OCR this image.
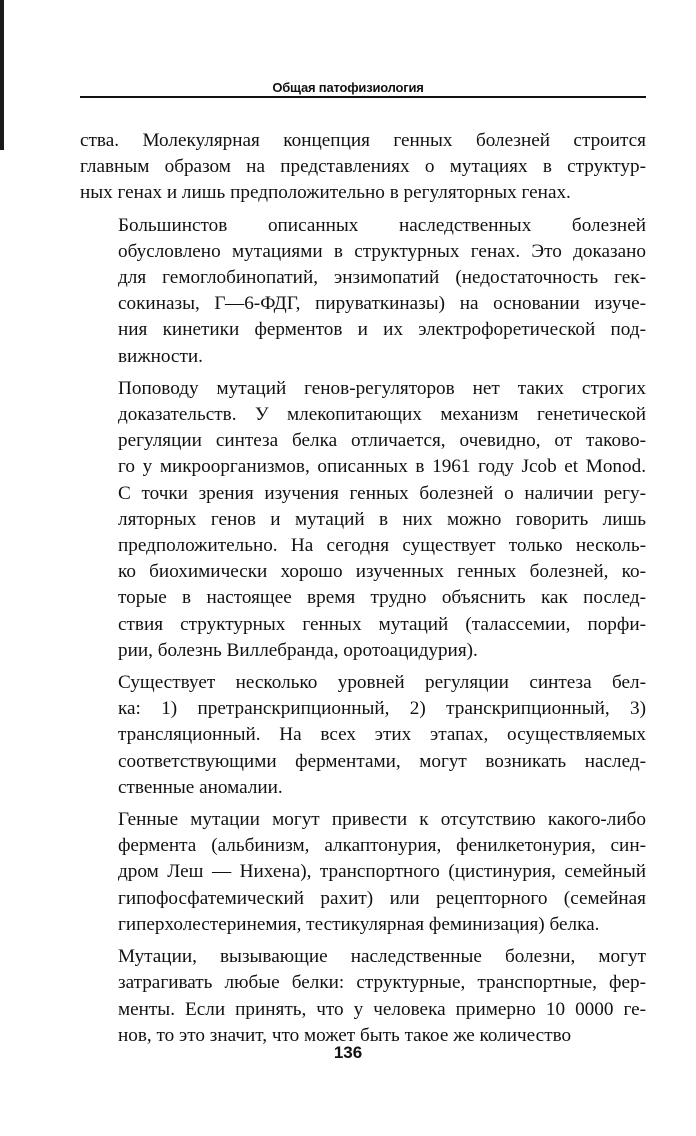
Общая патофизиология

ства. Молекулярная концепция генных болезней строится
главным образом на представлениях о мутациях в структур-
ных генах и лишь предположительно в регуляторных генах.

Большинстов описанных наследственных болезней
обусловлено мутациями в структурных генах. Это доказано
для гемоглобинопатий, энзимопатий (недостаточность гек-
сокиназы, Г—6-ФДГ, пируваткиназы) на основании изуче-
ния кинетики ферментов и их электрофоретической под-
вижности.

Поповоду мутаций генов-регуляторов нет таких строгих
доказательств. У млекопитающих механизм генетической
регуляции синтеза белка отличается, очевидно, от таково-
го у микроорганизмов, описанных в 1961 году Jcob et Monod.
С точки зрения изучения генных болезней о наличии регу-
ляторных генов и мутаций в них можно говорить лишь
предположительно. На сегодня существует только несколь-
ко биохимически хорошо изученных генных болезней, ко-
торые в настоящее время трудно объяснить как послед-
ствия структурных генных мутаций (талассемии, порфи-
рии, болезнь Виллебранда, оротоацидурия).

Существует несколько уровней регуляции синтеза бел-
ка: 1) претранскрипционный, 2) транскрипционный, 3)
трансляционный. На всех этих этапах, осуществляемых
соответствующими ферментами, могут возникать наслед-
ственные аномалии.

Генные мутации могут привести к отсутствию какого-либо
фермента (альбинизм, алкаптонурия, фенилкетонурия, син-
дром Леш — Нихена), транспортного (цистинурия, семейный
гипофосфатемический рахит) или рецепторного (семейная
гиперхолестеринемия, тестикулярная феминизация) белка.

Мутации, вызывающие наследственные болезни, могут
затрагивать любые белки: структурные, транспортные, фер-
менты. Если принять, что у человека примерно 10 0000 ге-
нов, то это значит, что может быть такое же количество

136
